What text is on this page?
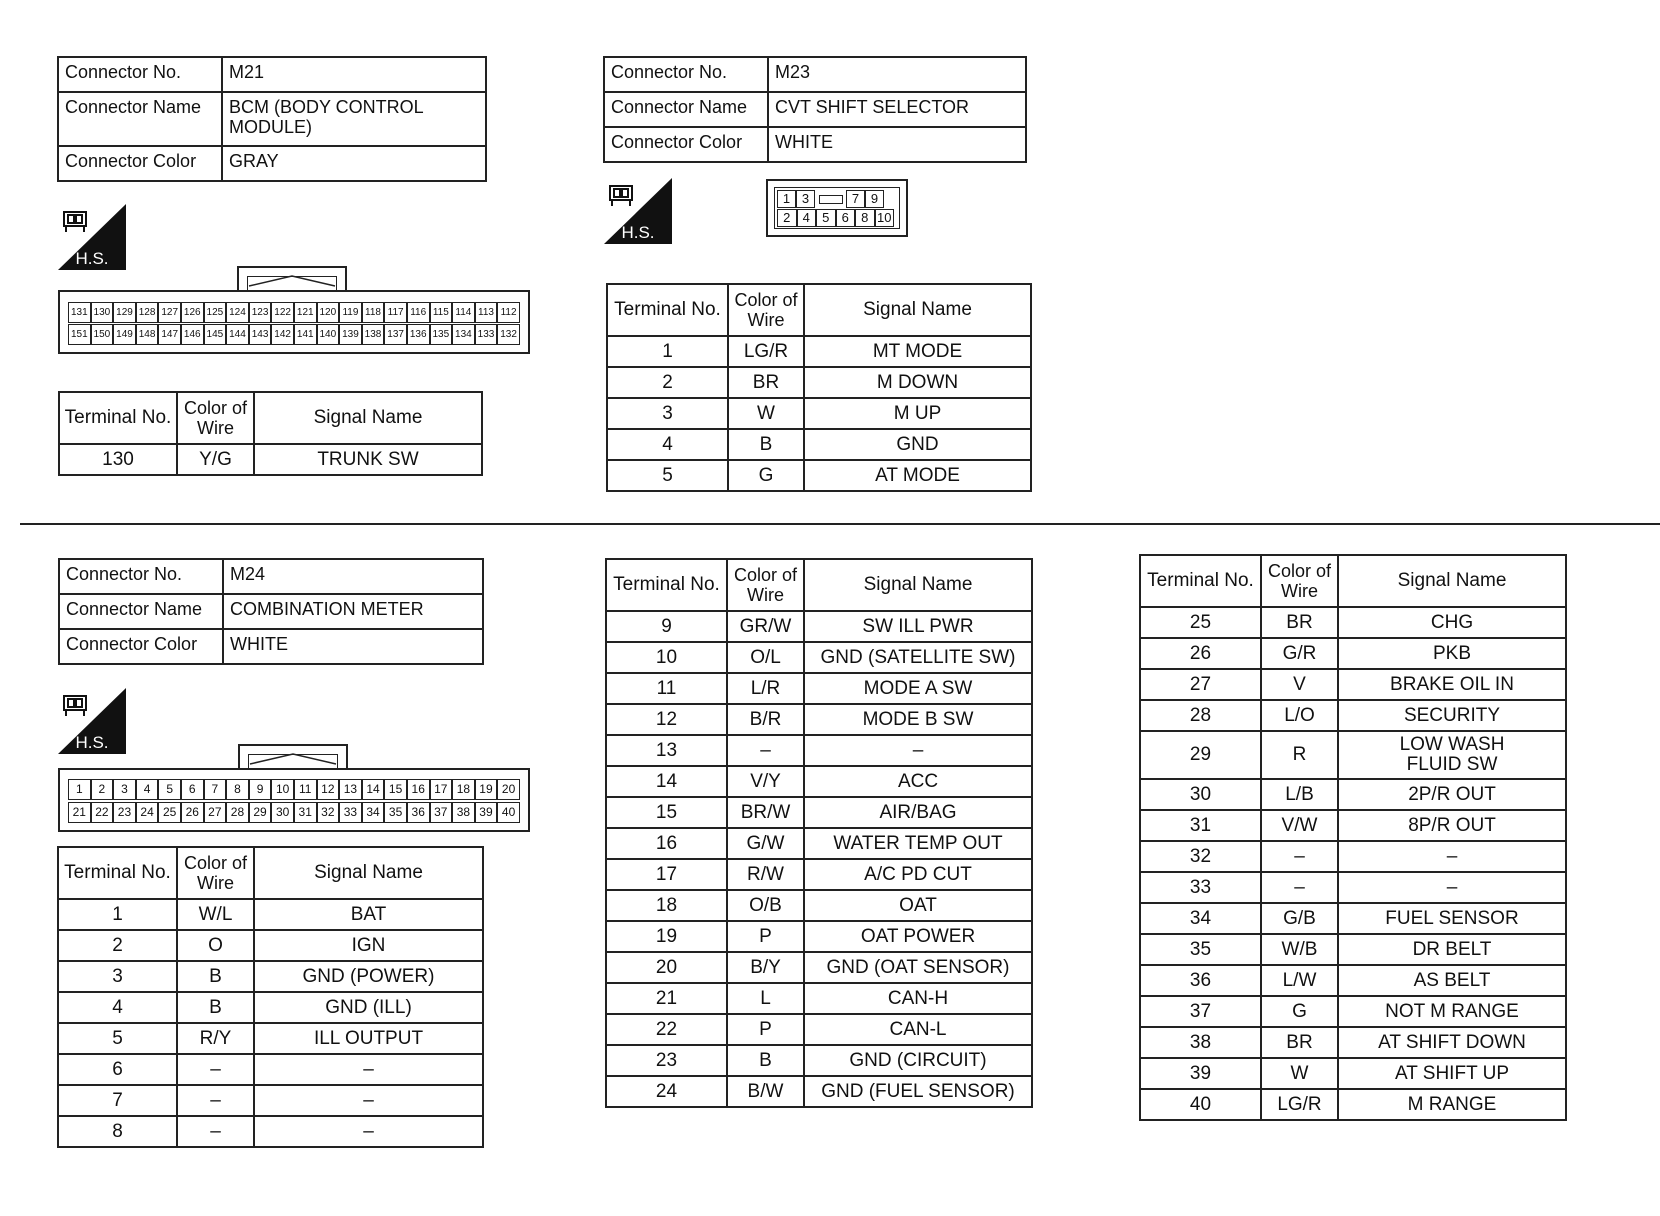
Connector No.	M21
Connector Name	BCM (BODY CONTROL MODULE)
Connector Color	GRAY
H.S.
131 130 129 128 127 126 125 124 123 122 121 120 119 118 117 116 115 114 113 112
151 150 149 148 147 146 145 144 143 142 141 140 139 138 137 136 135 134 133 132
Terminal No.	Color of Wire	Signal Name
130	Y/G	TRUNK SW
Connector No.	M23
Connector Name	CVT SHIFT SELECTOR
Connector Color	WHITE
H.S.
1 3	7 9
2 4 5 6 8 10
Terminal No.	Color of Wire	Signal Name
1	LG/R	MT MODE
2	BR	M DOWN
3	W	M UP
4	B	GND
5	G	AT MODE
Connector No.	M24
Connector Name	COMBINATION METER
Connector Color	WHITE
H.S.
1	2	3	4	5	6	7	8	9	10 11 12 13 14 15 16 17 18 19 20
21 22 23 24 25 26 27 28 29 30 31 32 33 34 35 36 37 38 39 40
Terminal No.	Color of Wire	Signal Name
1	W/L	BAT
2	O	IGN
3	B	GND (POWER)
4	B	GND (ILL)
5	R/Y	ILL OUTPUT
6	–	–
7	–	–
8	–	–
Terminal No.	Color of Wire	Signal Name
9	GR/W	SW ILL PWR
10	O/L	GND (SATELLITE SW)
11	L/R	MODE A SW
12	B/R	MODE B SW
13	–	–
14	V/Y	ACC
15	BR/W	AIR/BAG
16	G/W	WATER TEMP OUT
17	R/W	A/C PD CUT
18	O/B	OAT
19	P	OAT POWER
20	B/Y	GND (OAT SENSOR)
21	L	CAN-H
22	P	CAN-L
23	B	GND (CIRCUIT)
24	B/W	GND (FUEL SENSOR)
Terminal No.	Color of Wire	Signal Name
25	BR	CHG
26	G/R	PKB
27	V	BRAKE OIL IN
28	L/O	SECURITY
29	R	LOW WASH FLUID SW
30	L/B	2P/R OUT
31	V/W	8P/R OUT
32	–	–
33	–	–
34	G/B	FUEL SENSOR
35	W/B	DR BELT
36	L/W	AS BELT
37	G	NOT M RANGE
38	BR	AT SHIFT DOWN
39	W	AT SHIFT UP
40	LG/R	M RANGE
